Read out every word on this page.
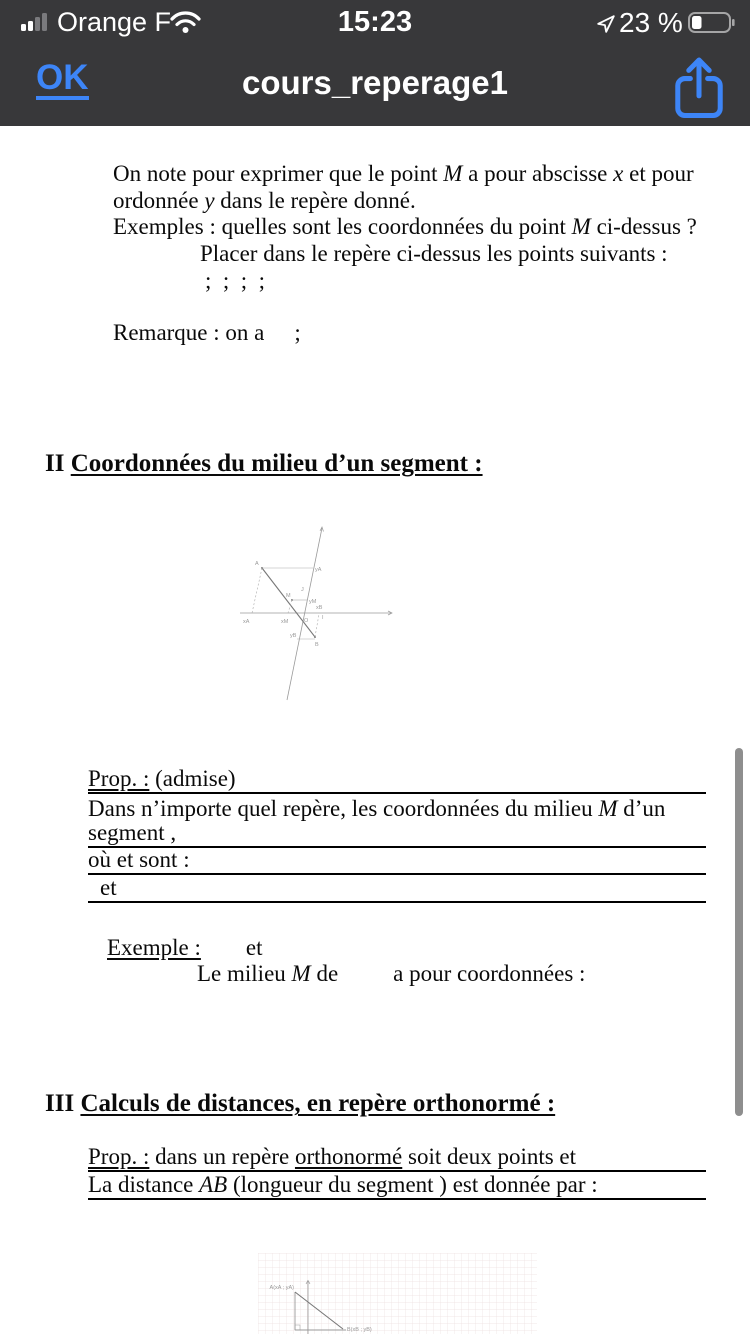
Orange F	15:23	23 %
OK	cours_reperage1
On note pour exprimer que le point M a pour abscisse x et pour
ordonnée y dans le repère donné.
Exemples : quelles sont les coordonnées du point M ci-dessus ?
Placer dans le repère ci-dessus les points suivants :
;  ;  ;  ;
Remarque : on a ;
II Coordonnées du milieu d’un segment :
A
M
B
J
O I
xA	xM
xB
yA
yM
yB
Prop. : (admise)
Dans n’importe quel repère, les coordonnées du milieu M d’un
segment ,
où et sont :
et
Exemple : et
Le milieu M de a pour coordonnées :
III Calculs de distances, en repère orthonormé :
Prop. : dans un repère orthonormé soit deux points et
La distance AB (longueur du segment ) est donnée par :
A(xA ; yA)
B(xB ; yB)
